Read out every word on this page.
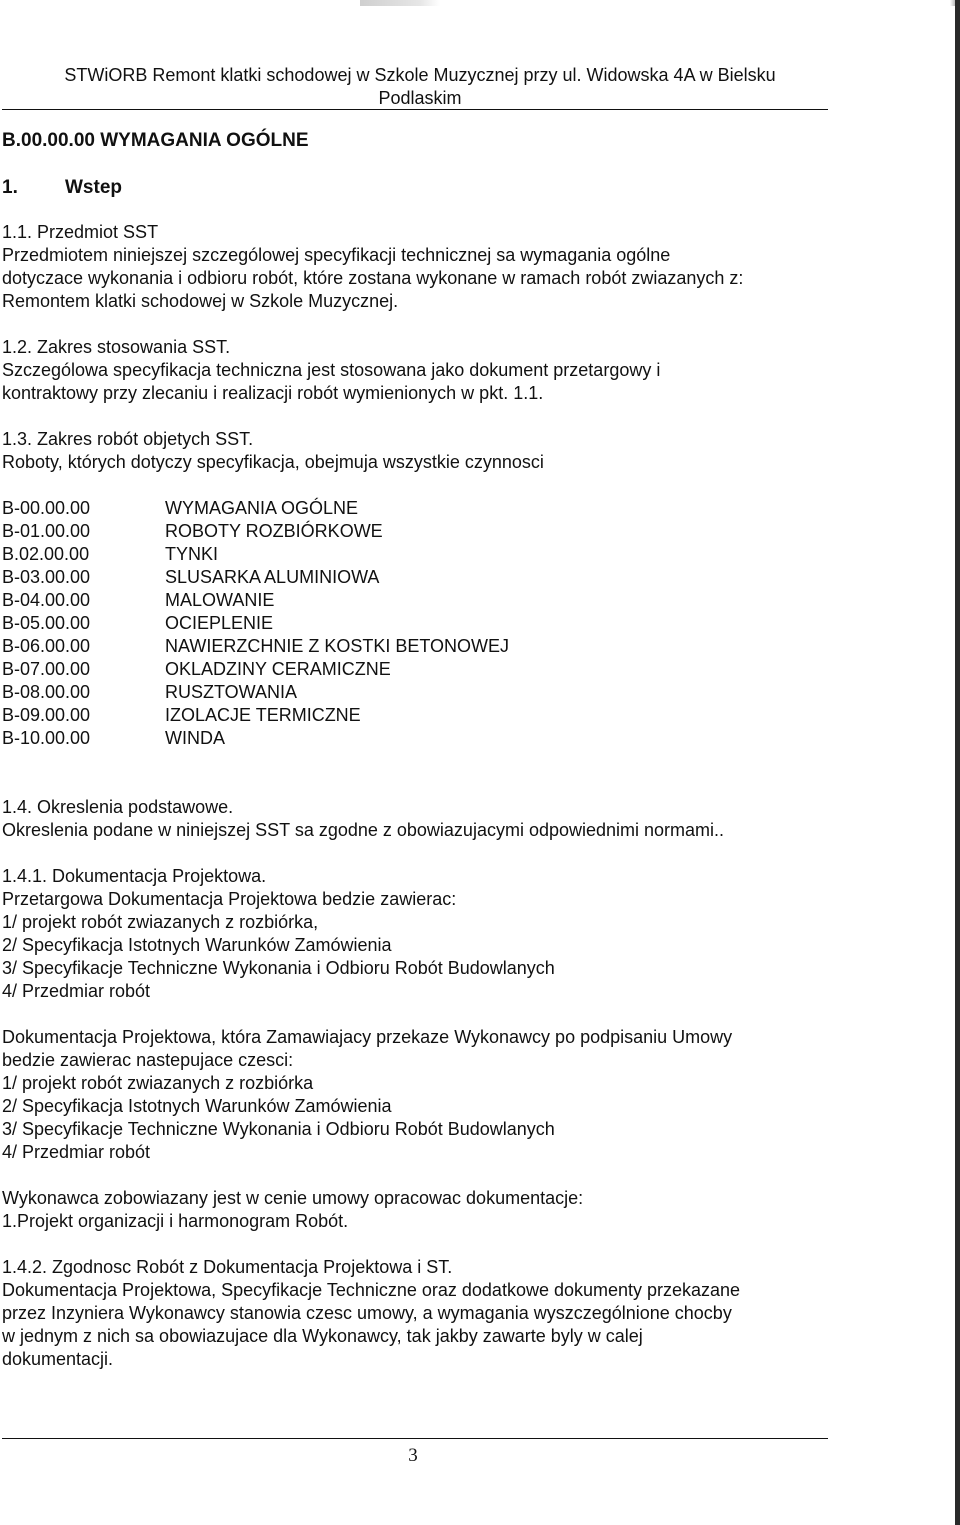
STWiORB Remont klatki schodowej w Szkole Muzycznej przy ul. Widowska 4A w Bielsku
Podlaskim
B.00.00.00 WYMAGANIA OGÓLNE
1. Wstep

1.1. Przedmiot SST

Przedmiotem niniejszej szczególowej specyfikacji technicznej sa wymagania ogólne

dotyczace wykonania i odbioru robót, które zostana wykonane w ramach robót zwiazanych z:

Remontem klatki schodowej w Szkole Muzycznej.

1.2. Zakres stosowania SST.

Szczególowa specyfikacja techniczna jest stosowana jako dokument przetargowy i

kontraktowy przy zlecaniu i realizacji robót wymienionych w pkt. 1.1.

1.3. Zakres robót objetych SST.

Roboty, których dotyczy specyfikacja, obejmuja wszystkie czynnosci

B-00.00.00	WYMAGANIA OGÓLNE
B-01.00.00	ROBOTY ROZBIÓRKOWE
B.02.00.00	TYNKI
B-03.00.00	SLUSARKA ALUMINIOWA
B-04.00.00	MALOWANIE
B-05.00.00	OCIEPLENIE
B-06.00.00	NAWIERZCHNIE Z KOSTKI BETONOWEJ
B-07.00.00	OKLADZINY CERAMICZNE
B-08.00.00	RUSZTOWANIA
B-09.00.00	IZOLACJE TERMICZNE
B-10.00.00	WINDA

1.4. Okreslenia podstawowe.

Okreslenia podane w niniejszej SST sa zgodne z obowiazujacymi odpowiednimi normami..

1.4.1. Dokumentacja Projektowa.

Przetargowa Dokumentacja Projektowa bedzie zawierac:

1/ projekt robót zwiazanych z rozbiórka,

2/ Specyfikacja Istotnych Warunków Zamówienia

3/ Specyfikacje Techniczne Wykonania i Odbioru Robót Budowlanych

4/ Przedmiar robót

Dokumentacja Projektowa, która Zamawiajacy przekaze Wykonawcy po podpisaniu Umowy

bedzie zawierac nastepujace czesci:

1/ projekt robót zwiazanych z rozbiórka

2/ Specyfikacja Istotnych Warunków Zamówienia

3/ Specyfikacje Techniczne Wykonania i Odbioru Robót Budowlanych

4/ Przedmiar robót

Wykonawca zobowiazany jest w cenie umowy opracowac dokumentacje:

1.Projekt organizacji i harmonogram Robót.

1.4.2. Zgodnosc Robót z Dokumentacja Projektowa i ST.

Dokumentacja Projektowa, Specyfikacje Techniczne oraz dodatkowe dokumenty przekazane

przez Inzyniera Wykonawcy stanowia czesc umowy, a wymagania wyszczególnione chocby

w jednym z nich sa obowiazujace dla Wykonawcy, tak jakby zawarte byly w calej

dokumentacji.

3
